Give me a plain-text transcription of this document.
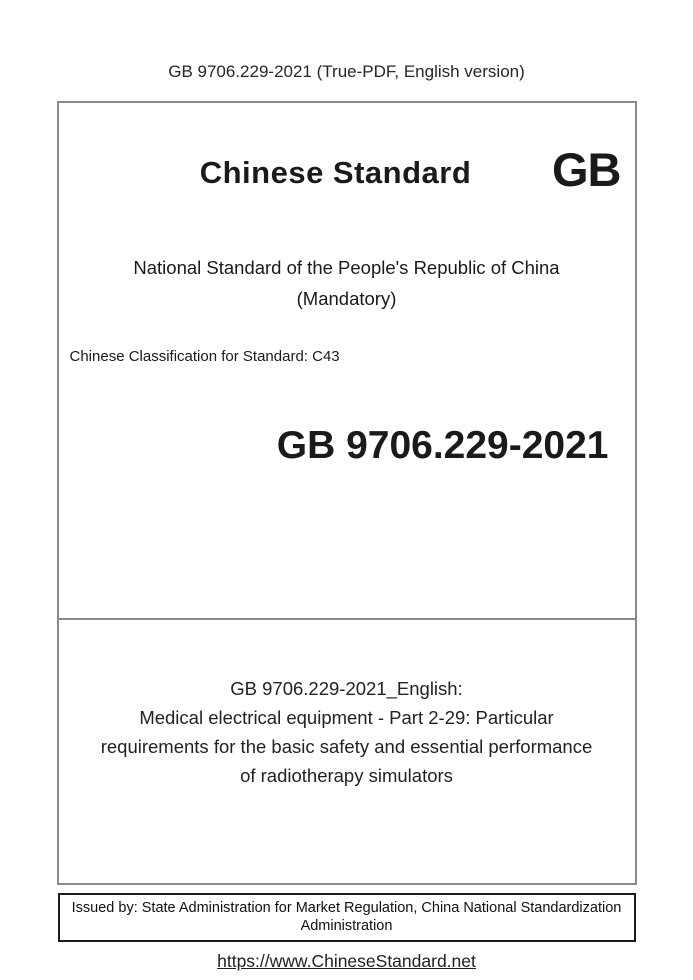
GB 9706.229-2021 (True-PDF, English version)
Chinese Standard	GB
National Standard of the People's Republic of China
(Mandatory)
Chinese Classification for Standard: C43
GB 9706.229-2021
GB 9706.229-2021_English:
Medical electrical equipment - Part 2-29: Particular
requirements for the basic safety and essential performance
of radiotherapy simulators
Issued by: State Administration for Market Regulation, China National Standardization
Administration
https://www.ChineseStandard.net
